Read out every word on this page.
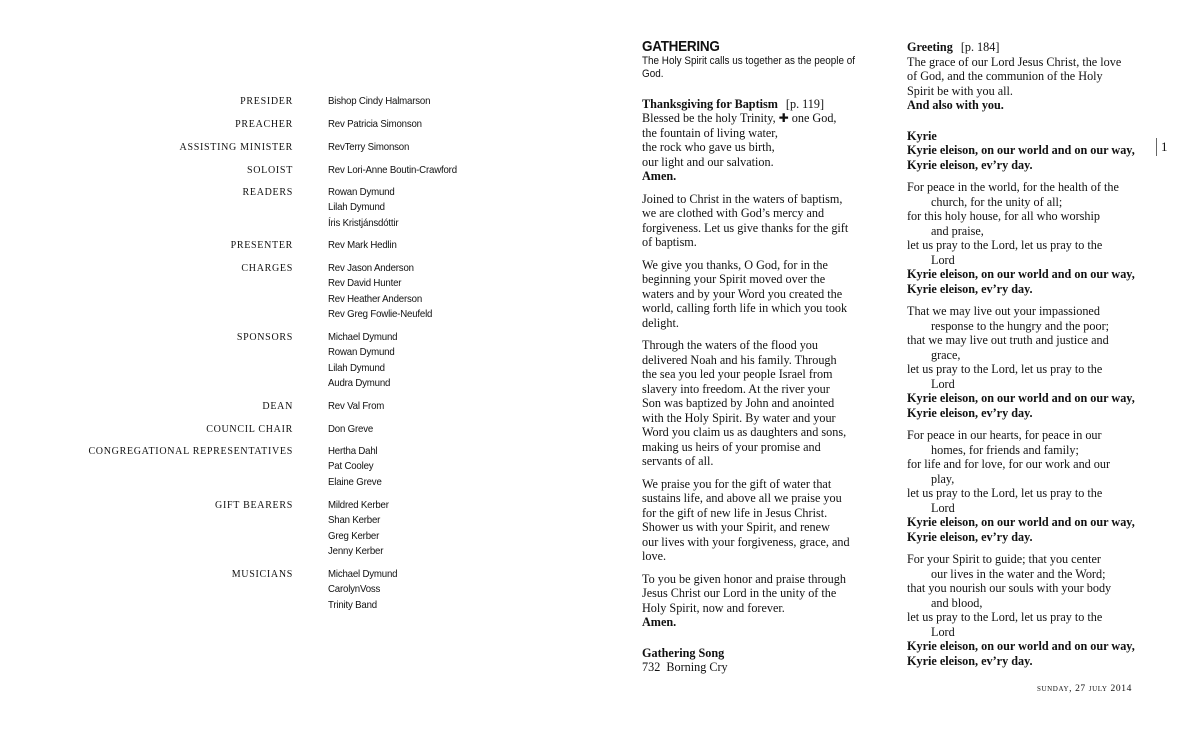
PRESIDER	Bishop Cindy Halmarson
PREACHER	Rev Patricia Simonson
ASSISTING MINISTER	RevTerry Simonson
SOLOIST	Rev Lori-Anne Boutin-Crawford
READERS	Rowan Dymund
Lilah Dymund
Íris Kristjánsdóttir
PRESENTER	Rev Mark Hedlin
CHARGES	Rev Jason Anderson
Rev David Hunter
Rev Heather Anderson
Rev Greg Fowlie-Neufeld
SPONSORS	Michael Dymund
Rowan Dymund
Lilah Dymund
Audra Dymund
DEAN	Rev Val From
COUNCIL CHAIR	Don Greve
CONGREGATIONAL REPRESENTATIVES	Hertha Dahl
Pat Cooley
Elaine Greve
GIFT BEARERS	Mildred Kerber
Shan Kerber
Greg Kerber
Jenny Kerber
MUSICIANS	Michael Dymund
CarolynVoss
Trinity Band
GATHERING
The Holy Spirit calls us together as the people of God.
Thanksgiving for Baptism [p. 119]
Blessed be the holy Trinity, ✚ one God,
the fountain of living water,
the rock who gave us birth,
our light and our salvation.
Amen.
Joined to Christ in the waters of baptism,
we are clothed with God’s mercy and
forgiveness. Let us give thanks for the gift
of baptism.
We give you thanks, O God, for in the
beginning your Spirit moved over the
waters and by your Word you created the
world, calling forth life in which you took
delight.
Through the waters of the flood you
delivered Noah and his family. Through
the sea you led your people Israel from
slavery into freedom. At the river your
Son was baptized by John and anointed
with the Holy Spirit. By water and your
Word you claim us as daughters and sons,
making us heirs of your promise and
servants of all.
We praise you for the gift of water that
sustains life, and above all we praise you
for the gift of new life in Jesus Christ.
Shower us with your Spirit, and renew
our lives with your forgiveness, grace, and
love.
To you be given honor and praise through
Jesus Christ our Lord in the unity of the
Holy Spirit, now and forever.
Amen.
Gathering Song
732 Borning Cry
Greeting [p. 184]
The grace of our Lord Jesus Christ, the love
of God, and the communion of the Holy
Spirit be with you all.
And also with you.
Kyrie
Kyrie eleison, on our world and on our way,
Kyrie eleison, ev’ry day.
For peace in the world, for the health of the
church, for the unity of all;
for this holy house, for all who worship
and praise,
let us pray to the Lord, let us pray to the
Lord
Kyrie eleison, on our world and on our way,
Kyrie eleison, ev’ry day.
That we may live out your impassioned
response to the hungry and the poor;
that we may live out truth and justice and
grace,
let us pray to the Lord, let us pray to the
Lord
Kyrie eleison, on our world and on our way,
Kyrie eleison, ev’ry day.
For peace in our hearts, for peace in our
homes, for friends and family;
for life and for love, for our work and our
play,
let us pray to the Lord, let us pray to the
Lord
Kyrie eleison, on our world and on our way,
Kyrie eleison, ev’ry day.
For your Spirit to guide; that you center
our lives in the water and the Word;
that you nourish our souls with your body
and blood,
let us pray to the Lord, let us pray to the
Lord
Kyrie eleison, on our world and on our way,
Kyrie eleison, ev’ry day.
1
sunday, 27 july 2014
